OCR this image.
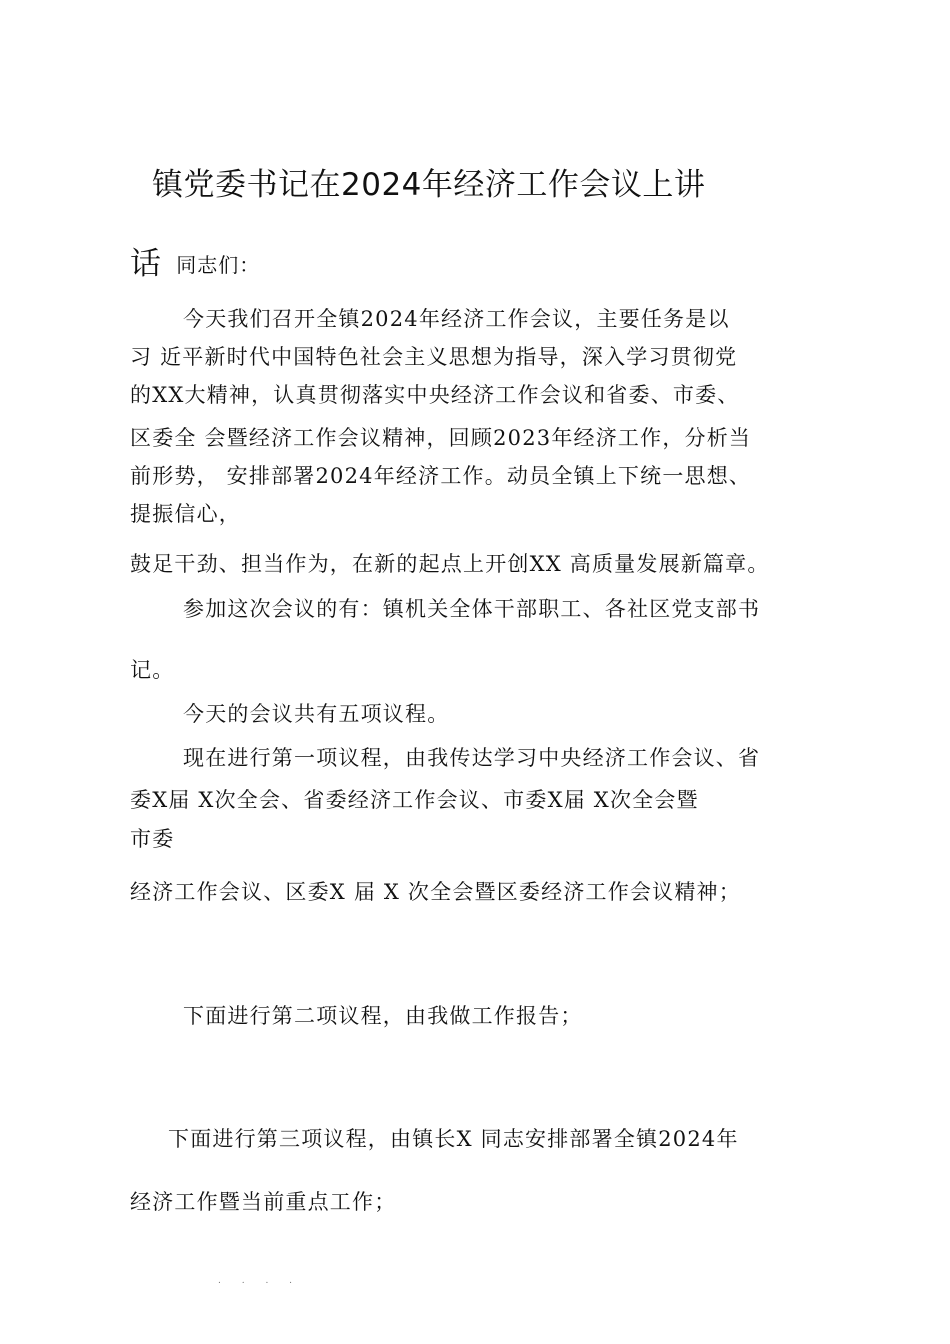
镇党委书记在2024年经济工作会议上讲
话同志们：
今天我们召开全镇2024年经济工作会议，主要任务是以
习 近平新时代中国特色社会主义思想为指导，深入学习贯彻党
的XX大精神，认真贯彻落实中央经济工作会议和省委、市委、
区委全 会暨经济工作会议精神，回顾2023年经济工作，分析当
前形势， 安排部署2024年经济工作。动员全镇上下统一思想、
提振信心，
鼓足干劲、担当作为，在新的起点上开创XX 高质量发展新篇章。
参加这次会议的有：镇机关全体干部职工、各社区党支部书
记。
今天的会议共有五项议程。
现在进行第一项议程，由我传达学习中央经济工作会议、省
委X届 X次全会、省委经济工作会议、市委X届 X次全会暨
市委
经济工作会议、区委X 届 X 次全会暨区委经济工作会议精神；
下面进行第二项议程，由我做工作报告；
下面进行第三项议程，由镇长X 同志安排部署全镇2024年
经济工作暨当前重点工作；
. . . .
